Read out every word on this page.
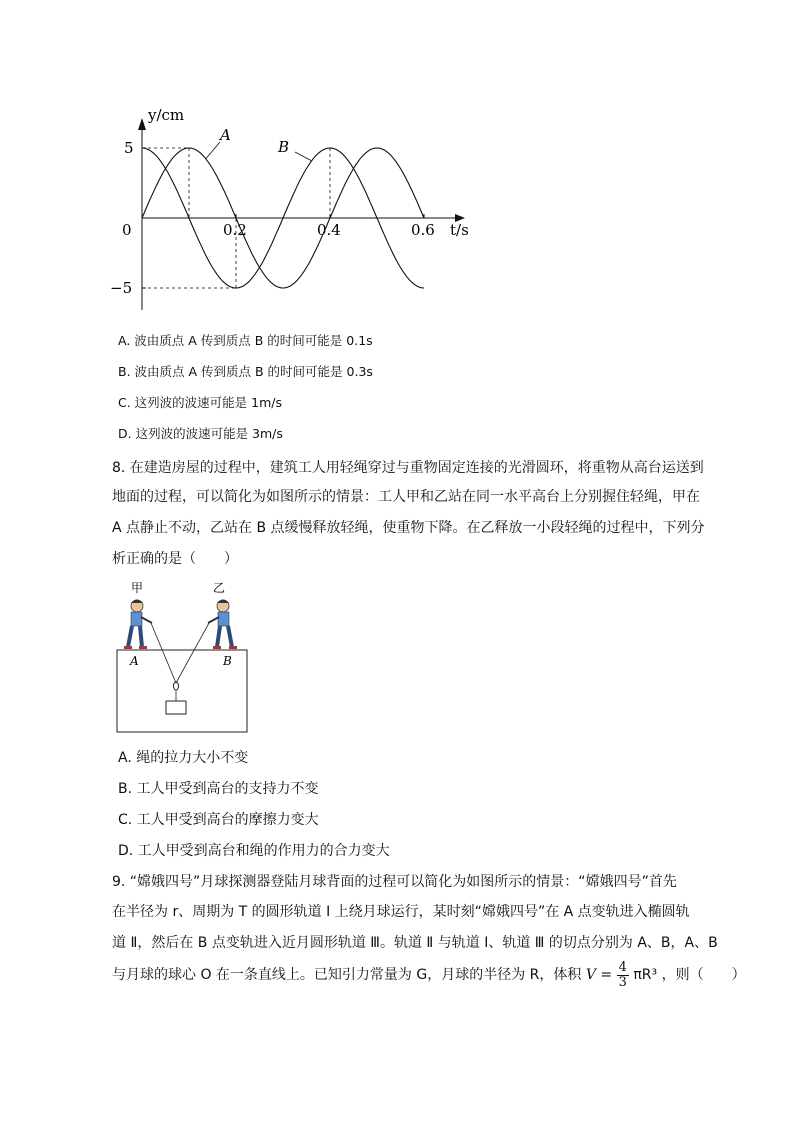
y/cm
t/s
0
5
−5
0.2	0.4	0.6
A
B
A. 波由质点 A 传到质点 B 的时间可能是 0.1s
B. 波由质点 A 传到质点 B 的时间可能是 0.3s
C. 这列波的波速可能是 1m/s
D. 这列波的波速可能是 3m/s
8. 在建造房屋的过程中，建筑工人用轻绳穿过与重物固定连接的光滑圆环，将重物从高台运送到
地面的过程，可以简化为如图所示的情景：工人甲和乙站在同一水平高台上分别握住轻绳，甲在
A 点静止不动，乙站在 B 点缓慢释放轻绳，使重物下降。在乙释放一小段轻绳的过程中，下列分
析正确的是（　　）
甲	乙
A	B
A. 绳的拉力大小不变
B. 工人甲受到高台的支持力不变
C. 工人甲受到高台的摩擦力变大
D. 工人甲受到高台和绳的作用力的合力变大
9. “嫦娥四号”月球探测器登陆月球背面的过程可以简化为如图所示的情景：“嫦娥四号”首先
在半径为 r、周期为 T 的圆形轨道 Ⅰ 上绕月球运行，某时刻“嫦娥四号”在 A 点变轨进入椭圆轨
道 Ⅱ，然后在 B 点变轨进入近月圆形轨道 Ⅲ。轨道 Ⅱ 与轨道 Ⅰ、轨道 Ⅲ 的切点分别为 A、B，A、B
与月球的球心 O 在一条直线上。已知引力常量为 G，月球的半径为 R，体积 $V = \frac{4}{3} \pi R^3$ ，则（　　）
